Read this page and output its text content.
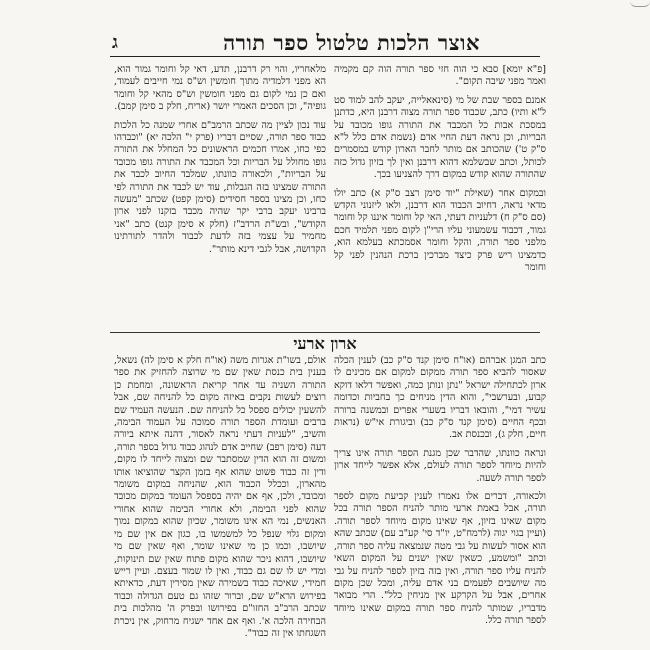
אוצר הלכות טלטול ספר תורה
ג

[פ"א יומא] סבא כי הוה חזי ספר תורה הוה קם מקמיה ואמר מפני שיבה תקום".

אמנם בספר שבת של מי (סינאאלייה, יעקב להב למוד סט ל"א ותיו) כתב, שכבוד ספר תורה מצוה דרבנן היא, כדתנן במסכת אבות כל המכבד את התורה גופו מכובד על הבריות, וכן נראה דעת החיי אדם (נשמת אדם כלל ל"א ס"ק ט') שהכותב אם מותר לחבר הארון קודש במסמרים לכותל, וכתב שבשלמא דהוא דרבנן ואין לך בזיון גדול כזה שהתורה שהוא קודש במקום דרך להצניעו בכך.

ובמקום אחר (שאילת "יוד סימן רצב ס"ק א) כתב יולו מדאי נראה, דחיוב הכבוד הוא דרבנן, ולאו ליזנוני הקדש (סם ס"ק ח) דלעניות דעתי, האי קל וחומר איננו קל וחומר גמור, דכבוד עשמעוני עליו הרי"ן לקום מפני תלמיד חכם מלפני ספר תורה, והקל וחומר אסמכתא בעלמא הוא, כדמצינו ריש פרק כיצד מברכין ברכת הנהנין לפני קל וחומר

מלאחריו, והוי רק דרבנן, תדע, דאי קל וחומר גמור הוא, הא מפני דלמדיה מתוך חומשין וש"ס נמי חייבים לעמוד, ואם כן נמי לקום גם מפני חומשין וש"ס מהאי קל וחומר גופיה", וכן הסכים האמרי יושר (אריח, חלק ב סימן קמב).

עוד נכון לציין מה שכתב הרמב"ם אחרי שמנה כל הלכות כבוד ספר תורה, שסיים דבריו (פרק י" הלכה יא) "וכבדהו כפי כחו, אמרו חכמים הראשונים כל המחלל את התורה גופו מחולל על הבריות וכל המכבד את התורה גופו מכובד על הבריות", ולכאורה כוונתו, שמלבד החיוב לכבד את התורה שמצינו בזה הגבלות, עוד יש לכבד את התורה לפי כחו, וכן מצינו בספר חסידים (סימן קפט) שכתב "מעשה ברבינו יעקב ברבי יקר שהיה מכבד בזקנו לפני ארון הקודש", ובש"ת הרדב"ז (חלק א סימן קנט) כתב "אני מחמיר על עצמי בזה לדעת לכבוד ולהדר לתורתינו הקדושה, אבל לגבי דינא מותר".

ארון ארעי

כתב המגן אברהם (או"ח סימן קנד ס"ק כב) לענין הכלה שאסור להביא ספר תורה ממקום למקום אם מכינים לו ארון לכתחילה ישראל "נתן ונותן כמה, ואפשר דלאו דוקא קבוע, ובערשבי", והוא הדין מניחים כך בחביות וכדומה עשיר דמי", והובאו דבריו בשערי אפרים ובמשנה ברורה ובכף החיים (סימן קנד ס"ק כב) וביגורת אי"ש (נראות חיים, חלק ג), ובכנסת אב.

ונראה כוונתו, שהדבר שכן מגנת הספר תורה אינו צריך להיות מיוחד לספר תורה לעולם, אלא אפשר לייחד ארון לספר תורה לשעה.

ולכאורה, דברים אלו נאמרו לענין קביעת מקום לספר תורה, אבל באמת ארעי מותר להניח הספר תורה בכל מקום שאינו בזיון, אף שאינו מקום מיוחד לספר תורה. (ועיין בגוי יגוה (לרמח"ט, יו"ד סי' קע"ב עם) שכתב שהא הוא אסור לעשות על גבי מטה שנמצאה עליה ספר תורה, וכתב "ומשמע, כשאין שאין ישנים על המקום השאי להניח עליו ספר תורה, ואין בזה בזיון לספר להניח על גבי מה שיושבים לפעמים בני אדם עליה, ומכל שכן מקום אחרים, אבל על הקרקע אין מניחין כלל". הרי מבואר מדבריו, שמותר להניח ספר תורה במקום שאינו מיוחד לספר תורה כלל.

אולם, בשו"ת אגרות משה (או"ח חלק א סימן לה) נשאל, בענין בית כנסת שאין שם מי שרוצה להחזיק את ספר התורה השניה עד אחר קריאת הראשונה, ומחמת כן רוצים לעשות נקבים באיזה מקום כל להניחה שם, אבל להשעין יכולים ספסל כל להניחה שם. הנעשה העמיד שם ברבים ועומדת הספר תורה סמוכה על העמוד הבימה, והשיב, "לעניות דעתי נראה לאסור, דהנה איתא ביורה דעה (סימן רפב) שחייב אדם לנהוג כבוד גדול בספר תורה, ומשום זה הוא הדין שמסתבר שם ומצוה לייחד לו מקום, ודין זה כבוד פשוט שהוא אף בזמן הקצר שהוציאו אותו מהארון, וככלל הכבוד הוא, שהניחה במקום משומר ומכובד, ולכן, אף אם יהיה בספסל העומד במקום מכובד שהוא לפני הבימה, ולא אחורי הבימה שהוא אחורי האנשים, נמי הא אינו משומר, שכיון שהוא במקום נמוך ומקום גלוי שנפל כל למשמשו בו, כגון אם אין שם מי שיושבו, וכמו כן מי שאינו שומר, ואף שאין שם מי שיושבו, דהוא ניכר שהוא מקום פתוח שאין שם תינוקות, ומדי יש לו שם גם כבוד, ואין לו שמור בעצם. ועיין רייש חמידי, שאיכה כבוד בשמירה שאין מסירין דעת, כדאיתא בפירוש הרא"ש שם, וברור שזהו גם טעם הגדולה וכבוד שכתב הרב"ב החזו"ם בפירושו ובפרק ה' מהלכות בית הבחירה הלכה א'. ואף אם אחד ישגיח מרחוק, אין ניכרת השגחתו אין זה כבוד".
